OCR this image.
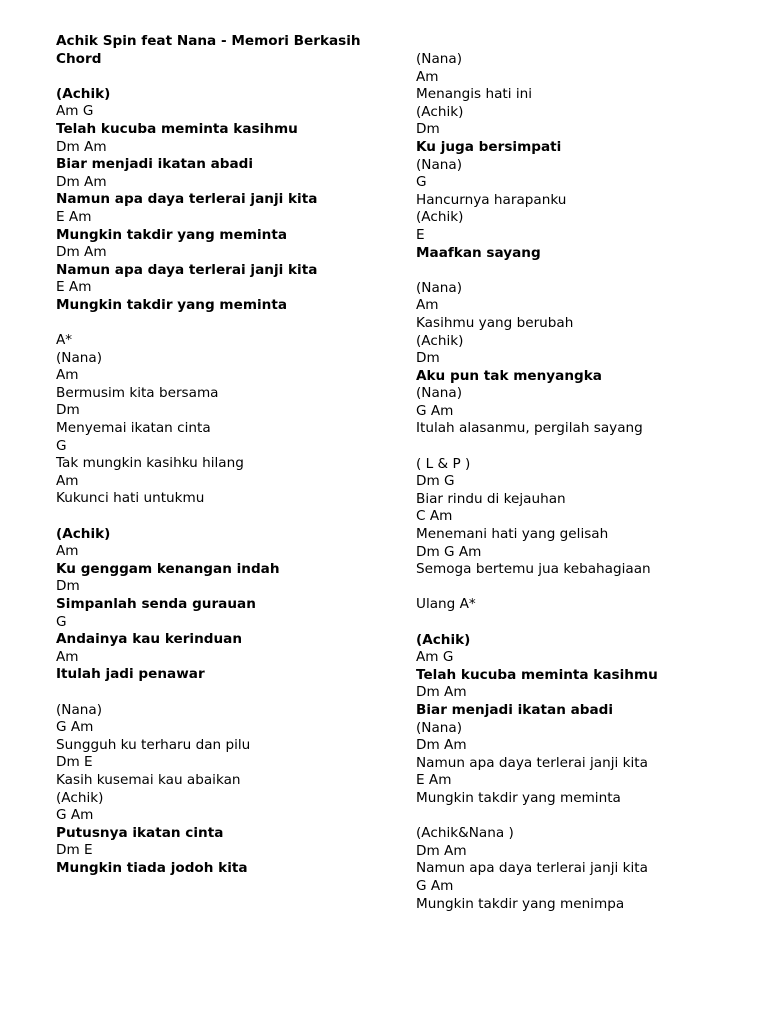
Achik Spin feat Nana - Memori Berkasih
Chord
(Achik)
Am G
Telah kucuba meminta kasihmu
Dm Am
Biar menjadi ikatan abadi
Dm Am
Namun apa daya terlerai janji kita
E Am
Mungkin takdir yang meminta
Dm Am
Namun apa daya terlerai janji kita
E Am
Mungkin takdir yang meminta
A*
(Nana)
Am
Bermusim kita bersama
Dm
Menyemai ikatan cinta
G
Tak mungkin kasihku hilang
Am
Kukunci hati untukmu
(Achik)
Am
Ku genggam kenangan indah
Dm
Simpanlah senda gurauan
G
Andainya kau kerinduan
Am
Itulah jadi penawar
(Nana)
G Am
Sungguh ku terharu dan pilu
Dm E
Kasih kusemai kau abaikan
(Achik)
G Am
Putusnya ikatan cinta
Dm E
Mungkin tiada jodoh kita
(Nana)
Am
Menangis hati ini
(Achik)
Dm
Ku juga bersimpati
(Nana)
G
Hancurnya harapanku
(Achik)
E
Maafkan sayang
(Nana)
Am
Kasihmu yang berubah
(Achik)
Dm
Aku pun tak menyangka
(Nana)
G Am
Itulah alasanmu, pergilah sayang
( L & P )
Dm G
Biar rindu di kejauhan
C Am
Menemani hati yang gelisah
Dm G Am
Semoga bertemu jua kebahagiaan
Ulang A*
(Achik)
Am G
Telah kucuba meminta kasihmu
Dm Am
Biar menjadi ikatan abadi
(Nana)
Dm Am
Namun apa daya terlerai janji kita
E Am
Mungkin takdir yang meminta
(Achik&Nana )
Dm Am
Namun apa daya terlerai janji kita
G Am
Mungkin takdir yang menimpa
